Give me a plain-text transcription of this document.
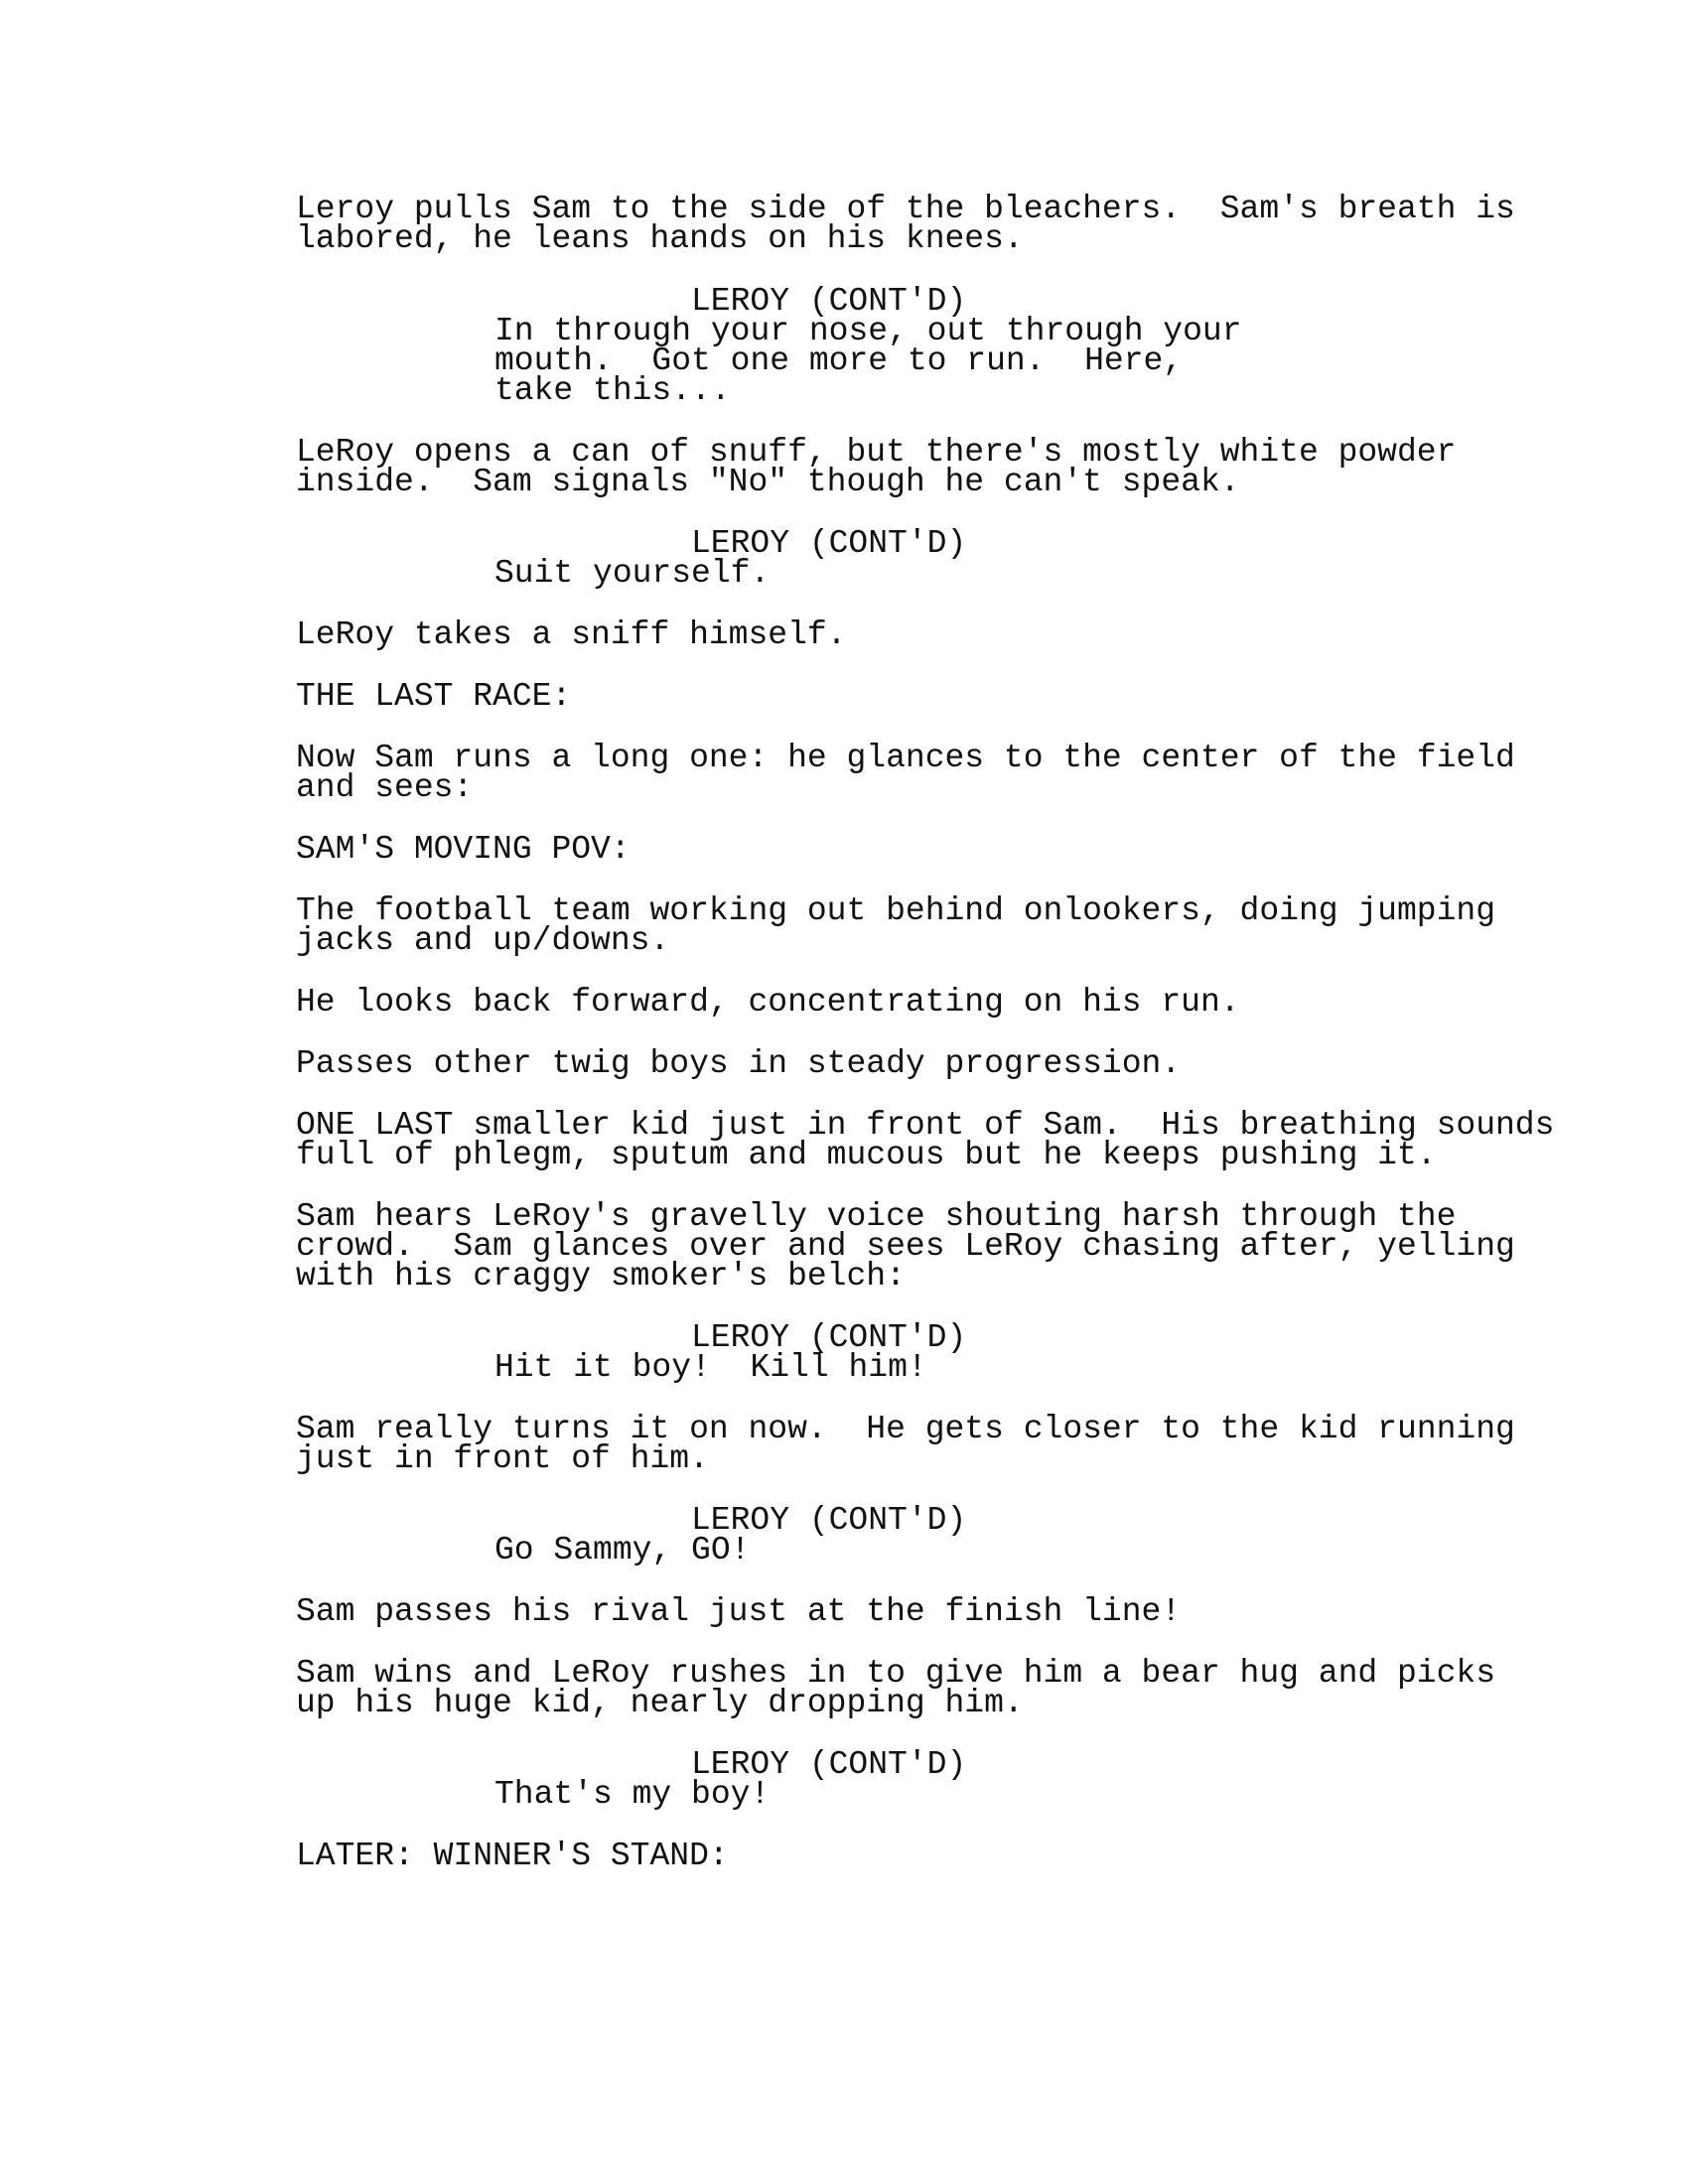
Leroy pulls Sam to the side of the bleachers.  Sam's breath is
labored, he leans hands on his knees.

LEROY (CONT'D)

In through your nose, out through your
mouth.  Got one more to run.  Here,
take this...

LeRoy opens a can of snuff, but there's mostly white powder
inside.  Sam signals "No" though he can't speak.

LEROY (CONT'D)

Suit yourself.

LeRoy takes a sniff himself.

THE LAST RACE:

Now Sam runs a long one: he glances to the center of the field
and sees:

SAM'S MOVING POV:

The football team working out behind onlookers, doing jumping
jacks and up/downs.

He looks back forward, concentrating on his run.

Passes other twig boys in steady progression.

ONE LAST smaller kid just in front of Sam.  His breathing sounds
full of phlegm, sputum and mucous but he keeps pushing it.

Sam hears LeRoy's gravelly voice shouting harsh through the
crowd.  Sam glances over and sees LeRoy chasing after, yelling
with his craggy smoker's belch:

LEROY (CONT'D)

Hit it boy!  Kill him!

Sam really turns it on now.  He gets closer to the kid running
just in front of him.

LEROY (CONT'D)

Go Sammy, GO!

Sam passes his rival just at the finish line!

Sam wins and LeRoy rushes in to give him a bear hug and picks
up his huge kid, nearly dropping him.

LEROY (CONT'D)

That's my boy!

LATER: WINNER'S STAND:
